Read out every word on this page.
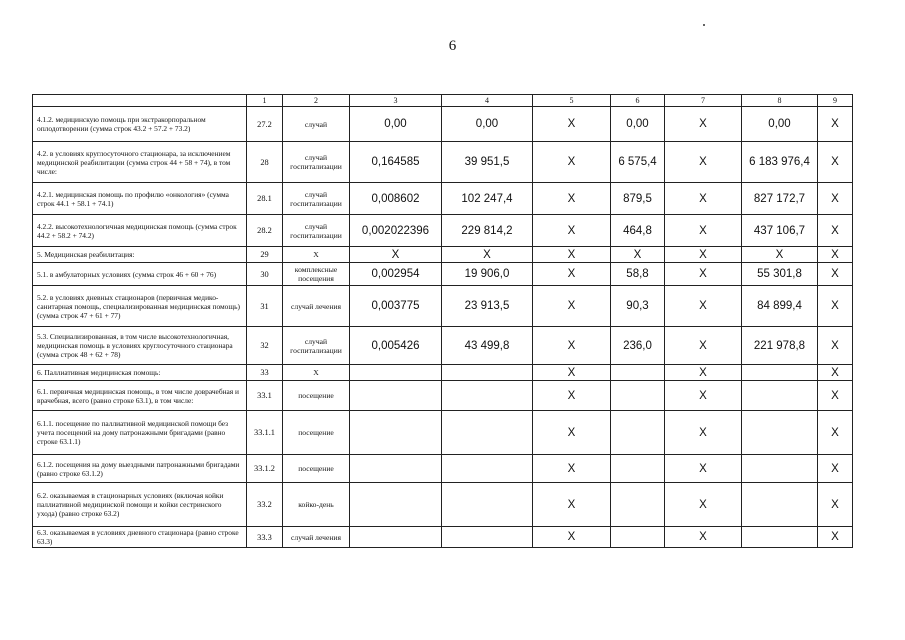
6
	1	2	3	4	5	6	7	8	9
4.1.2. медицинскую помощь при экстракорпоральном оплодотворении (сумма строк 43.2 + 57.2 + 73.2)	27.2	случай	0,00	0,00	X	0,00	X	0,00	X
4.2. в условиях круглосуточного стационара, за исключением медицинской реабилитации (сумма строк 44 + 58 + 74), в том числе:	28	случай госпитализации	0,164585	39 951,5	X	6 575,4	X	6 183 976,4	X
4.2.1. медицинская помощь по профилю «онкология» (сумма строк 44.1 + 58.1 + 74.1)	28.1	случай госпитализации	0,008602	102 247,4	X	879,5	X	827 172,7	X
4.2.2. высокотехнологичная медицинская помощь (сумма строк 44.2 + 58.2 + 74.2)	28.2	случай госпитализации	0,002022396	229 814,2	X	464,8	X	437 106,7	X
5. Медицинская реабилитация:	29	X	X	X	X	X	X	X	X
5.1. в амбулаторных условиях (сумма строк 46 + 60 + 76)	30	комплексные посещения	0,002954	19 906,0	X	58,8	X	55 301,8	X
5.2. в условиях дневных стационаров (первичная медико-санитарная помощь, специализированная медицинская помощь) (сумма строк 47 + 61 + 77)	31	случай лечения	0,003775	23 913,5	X	90,3	X	84 899,4	X
5.3. Специализированная, в том числе высокотехнологичная, медицинская помощь в условиях круглосуточного стационара (сумма строк 48 + 62 + 78)	32	случай госпитализации	0,005426	43 499,8	X	236,0	X	221 978,8	X
6. Паллиативная медицинская помощь:	33	X			X		X		X
6.1. первичная медицинская помощь, в том числе доврачебная и врачебная, всего (равно строке 63.1), в том числе:	33.1	посещение			X		X		X
6.1.1. посещение по паллиативной медицинской помощи без учета посещений на дому патронажными бригадами (равно строке 63.1.1)	33.1.1	посещение			X		X		X
6.1.2. посещения на дому выездными патронажными бригадами (равно строке 63.1.2)	33.1.2	посещение			X		X		X
6.2. оказываемая в стационарных условиях (включая койки паллиативной медицинской помощи и койки сестринского ухода) (равно строке 63.2)	33.2	койко-день			X		X		X
6.3. оказываемая в условиях дневного стационара (равно строке 63.3)	33.3	случай лечения			X		X		X
